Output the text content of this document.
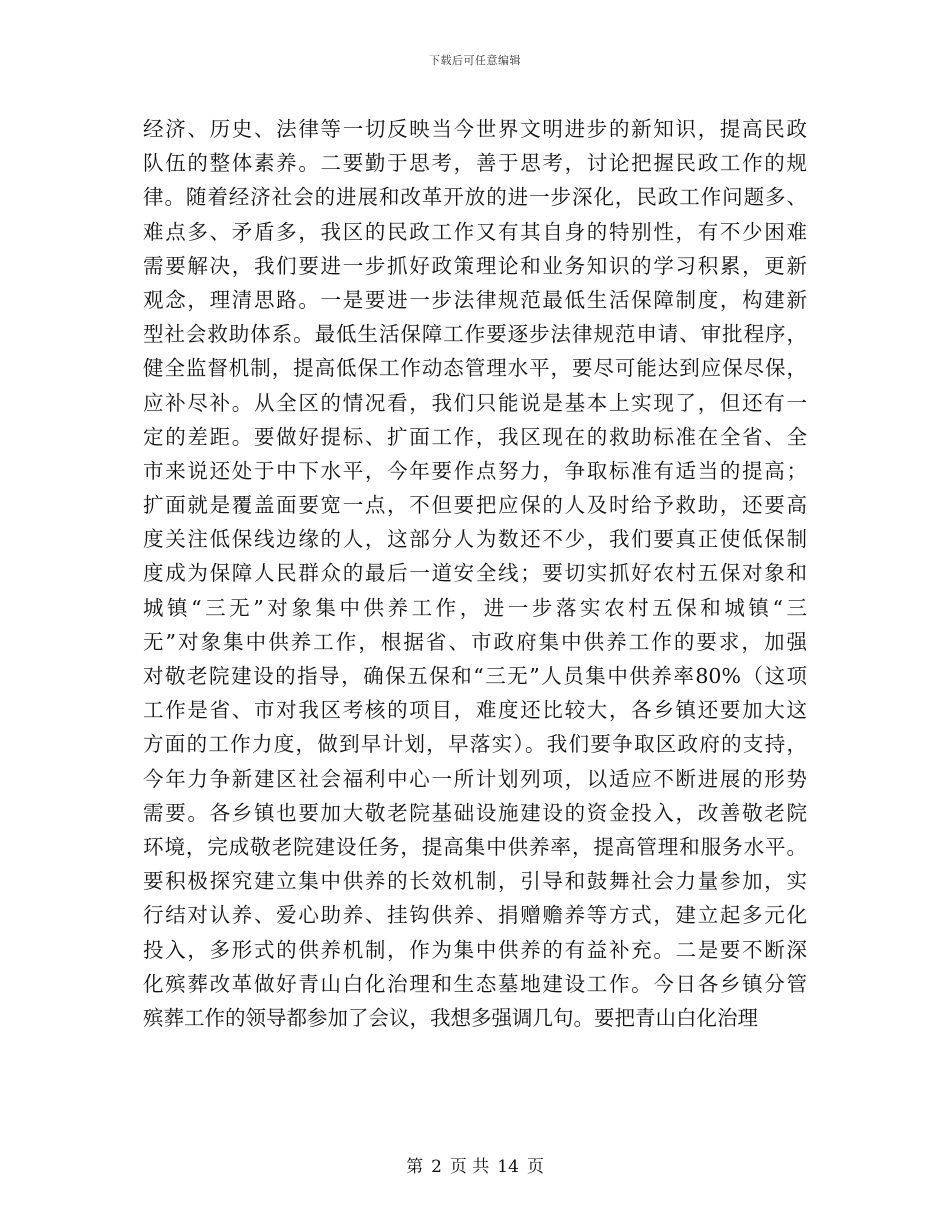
下载后可任意编辑
经济、历史、法律等一切反映当今世界文明进步的新知识，提高民政
队伍的整体素养。二要勤于思考，善于思考，讨论把握民政工作的规
律。随着经济社会的进展和改革开放的进一步深化，民政工作问题多、
难点多、矛盾多，我区的民政工作又有其自身的特别性，有不少困难
需要解决，我们要进一步抓好政策理论和业务知识的学习积累，更新
观念，理清思路。一是要进一步法律规范最低生活保障制度，构建新
型社会救助体系。最低生活保障工作要逐步法律规范申请、审批程序，
健全监督机制，提高低保工作动态管理水平，要尽可能达到应保尽保，
应补尽补。从全区的情况看，我们只能说是基本上实现了，但还有一
定的差距。要做好提标、扩面工作，我区现在的救助标准在全省、全
市来说还处于中下水平，今年要作点努力，争取标准有适当的提高；
扩面就是覆盖面要宽一点，不但要把应保的人及时给予救助，还要高
度关注低保线边缘的人，这部分人为数还不少，我们要真正使低保制
度成为保障人民群众的最后一道安全线；要切实抓好农村五保对象和
城镇“三无”对象集中供养工作，进一步落实农村五保和城镇“三
无”对象集中供养工作，根据省、市政府集中供养工作的要求，加强
对敬老院建设的指导，确保五保和“三无”人员集中供养率80%（这项
工作是省、市对我区考核的项目，难度还比较大，各乡镇还要加大这
方面的工作力度，做到早计划，早落实）。我们要争取区政府的支持，
今年力争新建区社会福利中心一所计划列项，以适应不断进展的形势
需要。各乡镇也要加大敬老院基础设施建设的资金投入，改善敬老院
环境，完成敬老院建设任务，提高集中供养率，提高管理和服务水平。
要积极探究建立集中供养的长效机制，引导和鼓舞社会力量参加，实
行结对认养、爱心助养、挂钩供养、捐赠赡养等方式，建立起多元化
投入，多形式的供养机制，作为集中供养的有益补充。二是要不断深
化殡葬改革做好青山白化治理和生态墓地建设工作。今日各乡镇分管
殡葬工作的领导都参加了会议，我想多强调几句。要把青山白化治理
第 2 页 共 14 页
